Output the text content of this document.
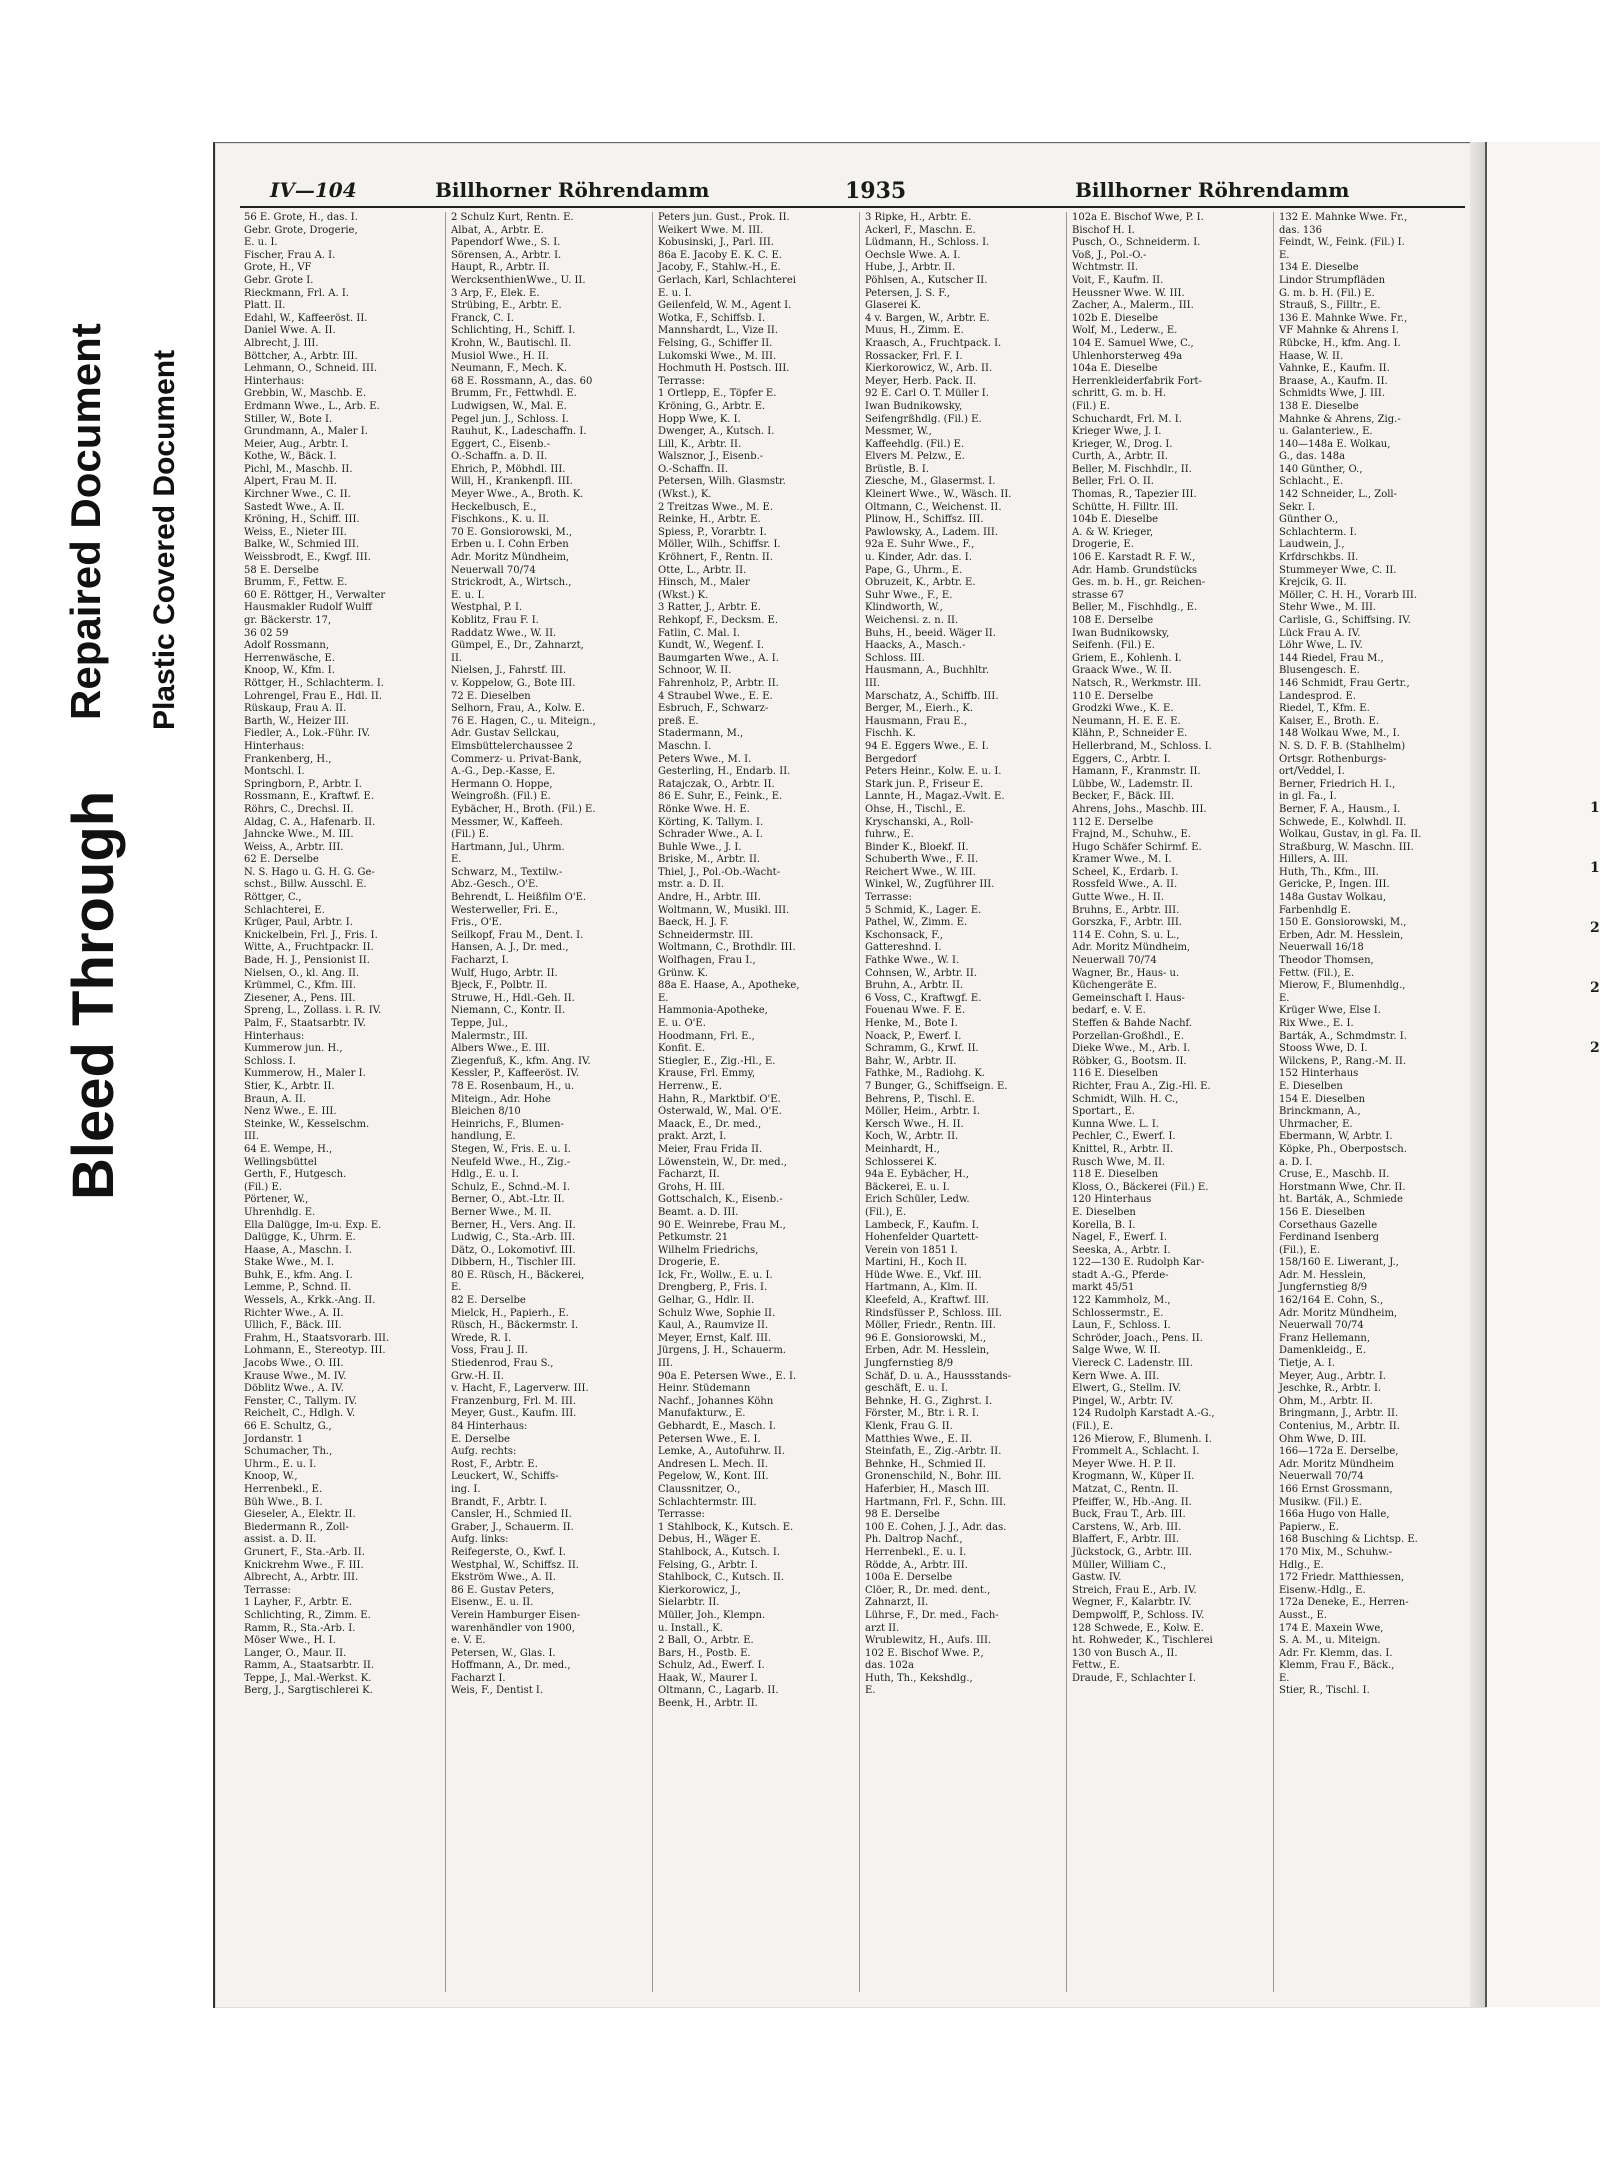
Bleed Through
Repaired Document Plastic Covered Document
1
1
2
2
2
IV—104	Billhorner Röhrendamm	1935	Billhorner Röhrendamm
56 E. Grote, H., das. I.
Gebr. Grote, Drogerie,
E. u. I.
Fischer, Frau A. I.
Grote, H., VF
Gebr. Grote I.
Rieckmann, Frl. A. I.
Platt. II.
Edahl, W., Kaffeeröst. II.
Daniel Wwe. A. II.
Albrecht, J. III.
Böttcher, A., Arbtr. III.
Lehmann, O., Schneid. III.
Hinterhaus:
Grebbin, W., Maschb. E.
Erdmann Wwe., L., Arb. E.
Stiller, W., Bote I.
Grundmann, A., Maler I.
Meier, Aug., Arbtr. I.
Kothe, W., Bäck. I.
Pichl, M., Maschb. II.
Alpert, Frau M. II.
Kirchner Wwe., C. II.
Sastedt Wwe., A. II.
Kröning, H., Schiff. III.
Weiss, E., Nieter III.
Balke, W., Schmied III.
Weissbrodt, E., Kwgf. III.
58 E. Derselbe
Brumm, F., Fettw. E.
60 E. Röttger, H., Verwalter
Hausmakler Rudolf Wulff
gr. Bäckerstr. 17,
36 02 59
Adolf Rossmann,
Herrenwäsche, E.
Knoop, W., Kfm. I.
Röttger, H., Schlachterm. I.
Lohrengel, Frau E., Hdl. II.
Rüskaup, Frau A. II.
Barth, W., Heizer III.
Fiedler, A., Lok.-Führ. IV.
Hinterhaus:
Frankenberg, H.,
Montschl. I.
Springborn, P., Arbtr. I.
Rossmann, E., Kraftwf. E.
Röhrs, C., Drechsl. II.
Aldag, C. A., Hafenarb. II.
Jahncke Wwe., M. III.
Weiss, A., Arbtr. III.
62 E. Derselbe
N. S. Hago u. G. H. G. Ge-
schst., Billw. Ausschl. E.
Röttger, C.,
Schlachterei, E.
Krüger, Paul, Arbtr. I.
Knickelbein, Frl. J., Fris. I.
Witte, A., Fruchtpackr. II.
Bade, H. J., Pensionist II.
Nielsen, O., kl. Ang. II.
Krümmel, C., Kfm. III.
Ziesener, A., Pens. III.
Spreng, L., Zollass. i. R. IV.
Palm, F., Staatsarbtr. IV.
Hinterhaus:
Kummerow jun. H.,
Schloss. I.
Kummerow, H., Maler I.
Stier, K., Arbtr. II.
Braun, A. II.
Nenz Wwe., E. III.
Steinke, W., Kesselschm.
III.
64 E. Wempe, H.,
Wellingsbüttel
Gerth, F., Hutgesch.
(Fil.) E.
Pörtener, W.,
Uhrenhdlg. E.
Ella Dalügge, Im-u. Exp. E.
Dalügge, K., Uhrm. E.
Haase, A., Maschn. I.
Stake Wwe., M. I.
Buhk, E., kfm. Ang. I.
Lemme, P., Schnd. II.
Wessels, A., Krkk.-Ang. II.
Richter Wwe., A. II.
Ullich, F., Bäck. III.
Frahm, H., Staatsvorarb. III.
Lohmann, E., Stereotyp. III.
Jacobs Wwe., O. III.
Krause Wwe., M. IV.
Döblitz Wwe., A. IV.
Fenster, C., Tallym. IV.
Reichelt, C., Hdlgh. V.
66 E. Schultz, G.,
Jordanstr. 1
Schumacher, Th.,
Uhrm., E. u. I.
Knoop, W.,
Herrenbekl., E.
Büh Wwe., B. I.
Gieseler, A., Elektr. II.
Biedermann R., Zoll-
assist. a. D. II.
Grunert, F., Sta.-Arb. II.
Knickrehm Wwe., F. III.
Albrecht, A., Arbtr. III.
Terrasse:
1 Layher, F., Arbtr. E.
Schlichting, R., Zimm. E.
Ramm, R., Sta.-Arb. I.
Möser Wwe., H. I.
Langer, O., Maur. II.
Ramm, A., Staatsarbtr. II.
Teppe, J., Mal.-Werkst. K.
Berg, J., Sargtischlerei K.
2 Schulz Kurt, Rentn. E.
Albat, A., Arbtr. E.
Papendorf Wwe., S. I.
Sörensen, A., Arbtr. I.
Haupt, R., Arbtr. II.
WercksenthienWwe., U. II.
3 Arp, F., Elek. E.
Strübing, E., Arbtr. E.
Franck, C. I.
Schlichting, H., Schiff. I.
Krohn, W., Bautischl. II.
Musiol Wwe., H. II.
Neumann, F., Mech. K.
68 E. Rossmann, A., das. 60
Brumm, Fr., Fettwhdl. E.
Ludwigsen, W., Mal. E.
Pegel jun. J., Schloss. I.
Rauhut, K., Ladeschaffn. I.
Eggert, C., Eisenb.-
O.-Schaffn. a. D. II.
Ehrich, P., Möbhdl. III.
Will, H., Krankenpfl. III.
Meyer Wwe., A., Broth. K.
Heckelbusch, E.,
Fischkons., K. u. II.
70 E. Gonsiorowski, M.,
Erben u. I. Cohn Erben
Adr. Moritz Mündheim,
Neuerwall 70/74
Strickrodt, A., Wirtsch.,
E. u. I.
Westphal, P. I.
Koblitz, Frau F. I.
Raddatz Wwe., W. II.
Gümpel, E., Dr., Zahnarzt,
II.
Nielsen, J., Fahrstf. III.
v. Koppelow, G., Bote III.
72 E. Dieselben
Selhorn, Frau, A., Kolw. E.
76 E. Hagen, C., u. Miteign.,
Adr. Gustav Sellckau,
Elmsbüttelerchaussee 2
Commerz- u. Privat-Bank,
A.-G., Dep.-Kasse, E.
Hermann O. Hoppe,
Weingroßh. (Fil.) E.
Eybächer, H., Broth. (Fil.) E.
Messmer, W., Kaffeeh.
(Fil.) E.
Hartmann, Jul., Uhrm.
E.
Schwarz, M., Textilw.-
Abz.-Gesch., O'E.
Behrendt, L. Heißfilm O'E.
Westerweller, Fri. E.,
Fris., O'E.
Seilkopf, Frau M., Dent. I.
Hansen, A. J., Dr. med.,
Facharzt, I.
Wulf, Hugo, Arbtr. II.
Bjeck, F., Polbtr. II.
Struwe, H., Hdl.-Geh. II.
Niemann, C., Kontr. II.
Teppe, Jul.,
Malermstr., III.
Albers Wwe., E. III.
Ziegenfuß, K., kfm. Ang. IV.
Kessler, P., Kaffeeröst. IV.
78 E. Rosenbaum, H., u.
Miteign., Adr. Hohe
Bleichen 8/10
Heinrichs, F., Blumen-
handlung, E.
Stegen, W., Fris. E. u. I.
Neufeld Wwe., H., Zig.-
Hdlg., E. u. I.
Schulz, E., Schnd.-M. I.
Berner, O., Abt.-Ltr. II.
Berner Wwe., M. II.
Berner, H., Vers. Ang. II.
Ludwig, C., Sta.-Arb. III.
Dätz, O., Lokomotivf. III.
Dibbern, H., Tischler III.
80 E. Rüsch, H., Bäckerei,
E.
82 E. Derselbe
Mielck, H., Papierh., E.
Rüsch, H., Bäckermstr. I.
Wrede, R. I.
Voss, Frau J. II.
Stiedenrod, Frau S.,
Grw.-H. II.
v. Hacht, F., Lagerverw. III.
Franzenburg, Frl. M. III.
Meyer, Gust., Kaufm. III.
84 Hinterhaus:
E. Derselbe
Aufg. rechts:
Rost, F., Arbtr. E.
Leuckert, W., Schiffs-
ing. I.
Brandt, F., Arbtr. I.
Cansler, H., Schmied II.
Graber, J., Schauerm. II.
Aufg. links:
Reifegerste, O., Kwf. I.
Westphal, W., Schiffsz. II.
Ekström Wwe., A. II.
86 E. Gustav Peters,
Eisenw., E. u. II.
Verein Hamburger Eisen-
warenhändler von 1900,
e. V. E.
Petersen, W., Glas. I.
Hoffmann, A., Dr. med.,
Facharzt I.
Weis, F., Dentist I.
Peters jun. Gust., Prok. II.
Weikert Wwe. M. III.
Kobusinski, J., Parl. III.
86a E. Jacoby E. K. C. E.
Jacoby, F., Stahlw.-H., E.
Gerlach, Karl, Schlachterei
E. u. I.
Geilenfeld, W. M., Agent I.
Wotka, F., Schiffsb. I.
Mannshardt, L., Vize II.
Felsing, G., Schiffer II.
Lukomski Wwe., M. III.
Hochmuth H. Postsch. III.
Terrasse:
1 Ortlepp, E., Töpfer E.
Kröning, G., Arbtr. E.
Hopp Wwe, K. I.
Dwenger, A., Kutsch. I.
Lill, K., Arbtr. II.
Walsznor, J., Eisenb.-
O.-Schaffn. II.
Petersen, Wilh. Glasmstr.
(Wkst.), K.
2 Treitzas Wwe., M. E.
Reinke, H., Arbtr. E.
Spiess, P., Vorarbtr. I.
Möller, Wilh., Schiffsr. I.
Kröhnert, F., Rentn. II.
Otte, L., Arbtr. II.
Hinsch, M., Maler
(Wkst.) K.
3 Ratter, J., Arbtr. E.
Rehkopf, F., Decksm. E.
Fatlin, C. Mal. I.
Kundt, W., Wegenf. I.
Baumgarten Wwe., A. I.
Schnoor, W. II.
Fahrenholz, P., Arbtr. II.
4 Straubel Wwe., E. E.
Esbruch, F., Schwarz-
preß. E.
Stadermann, M.,
Maschn. I.
Peters Wwe., M. I.
Gesterling, H., Endarb. II.
Ratajczak, O., Arbtr. II.
86 E. Suhr, E., Feink., E.
Rönke Wwe. H. E.
Körting, K. Tallym. I.
Schrader Wwe., A. I.
Buhle Wwe., J. I.
Briske, M., Arbtr. II.
Thiel, J., Pol.-Ob.-Wacht-
mstr. a. D. II.
Andre, H., Arbtr. III.
Woltmann, W., Musikl. III.
Baeck, H. J. F.
Schneidermstr. III.
Woltmann, C., Brothdlr. III.
Wolfhagen, Frau I.,
Grünw. K.
88a E. Haase, A., Apotheke,
E.
Hammonia-Apotheke,
E. u. O'E.
Hoodmann, Frl. E.,
Konfit. E.
Stiegler, E., Zig.-Hl., E.
Krause, Frl. Emmy,
Herrenw., E.
Hahn, R., Marktbif. O'E.
Osterwald, W., Mal. O'E.
Maack, E., Dr. med.,
prakt. Arzt, I.
Meier, Frau Frida II.
Löwenstein, W., Dr. med.,
Facharzt, II.
Grohs, H. III.
Gottschalch, K., Eisenb.-
Beamt. a. D. III.
90 E. Weinrebe, Frau M.,
Petkumstr. 21
Wilhelm Friedrichs,
Drogerie, E.
Ick, Fr., Wollw., E. u. I.
Drengberg, P., Fris. I.
Gelhar, G., Hdlr. II.
Schulz Wwe, Sophie II.
Kaul, A., Raumvize II.
Meyer, Ernst, Kalf. III.
Jürgens, J. H., Schauerm.
III.
90a E. Petersen Wwe., E. I.
Heinr. Stüdemann
Nachf., Johannes Köhn
Manufakturw., E.
Gebhardt, E., Masch. I.
Petersen Wwe., E. I.
Lemke, A., Autofuhrw. II.
Andresen L. Mech. II.
Pegelow, W., Kont. III.
Claussnitzer, O.,
Schlachtermstr. III.
Terrasse:
1 Stahlbock, K., Kutsch. E.
Debus, H., Wäger E.
Stahlbock, A., Kutsch. I.
Felsing, G., Arbtr. I.
Stahlbock, C., Kutsch. II.
Kierkorowicz, J.,
Sielarbtr. II.
Müller, Joh., Klempn.
u. Install., K.
2 Ball, O., Arbtr. E.
Bars, H., Postb. E.
Schulz, Ad., Ewerf. I.
Haak, W., Maurer I.
Oltmann, C., Lagarb. II.
Beenk, H., Arbtr. II.
3 Ripke, H., Arbtr. E.
Ackerl, F., Maschn. E.
Lüdmann, H., Schloss. I.
Oechsle Wwe. A. I.
Hube, J., Arbtr. II.
Pöhlsen, A., Kutscher II.
Petersen, J. S. F.,
Glaserei K.
4 v. Bargen, W., Arbtr. E.
Muus, H., Zimm. E.
Kraasch, A., Fruchtpack. I.
Rossacker, Frl. F. I.
Kierkorowicz, W., Arb. II.
Meyer, Herb. Pack. II.
92 E. Carl O. T. Müller I.
Iwan Budnikowsky,
Seifengrßhdlg. (Fil.) E.
Messmer, W.,
Kaffeehdlg. (Fil.) E.
Elvers M. Pelzw., E.
Brüstle, B. I.
Ziesche, M., Glasermst. I.
Kleinert Wwe., W., Wäsch. II.
Oltmann, C., Weichenst. II.
Plinow, H., Schiffsz. III.
Pawlowsky, A., Ladem. III.
92a E. Suhr Wwe., F.,
u. Kinder, Adr. das. I.
Pape, G., Uhrm., E.
Obruzeit, K., Arbtr. E.
Suhr Wwe., F., E.
Klindworth, W.,
Weichensi. z. n. II.
Buhs, H., beeid. Wäger II.
Haacks, A., Masch.-
Schloss. III.
Hausmann, A., Buchhltr.
III.
Marschatz, A., Schiffb. III.
Berger, M., Eierh., K.
Hausmann, Frau E.,
Fischh. K.
94 E. Eggers Wwe., E. I.
Bergedorf
Peters Heinr., Kolw. E. u. I.
Stark jun. P., Friseur E.
Lannte, H., Magaz.-Vwlt. E.
Ohse, H., Tischl., E.
Kryschanski, A., Roll-
fuhrw., E.
Binder K., Bloekf. II.
Schuberth Wwe., F. II.
Reichert Wwe., W. III.
Winkel, W., Zugführer III.
Terrasse:
5 Schmid, K., Lager. E.
Pathel, W., Zimm. E.
Kschonsack, F.,
Gattereshnd. I.
Fathke Wwe., W. I.
Cohnsen, W., Arbtr. II.
Bruhn, A., Arbtr. II.
6 Voss, C., Kraftwgf. E.
Fouenau Wwe. F. E.
Henke, M., Bote I.
Noack, P., Ewerf. I.
Schramm, G., Krwf. II.
Bahr, W., Arbtr. II.
Fathke, M., Radiohg. K.
7 Bunger, G., Schiffseign. E.
Behrens, P., Tischl. E.
Möller, Heim., Arbtr. I.
Kersch Wwe., H. II.
Koch, W., Arbtr. II.
Meinhardt, H.,
Schlosserei K.
94a E. Eybächer, H.,
Bäckerei, E. u. I.
Erich Schüler, Ledw.
(Fil.), E.
Lambeck, F., Kaufm. I.
Hohenfelder Quartett-
Verein von 1851 I.
Martini, H., Koch II.
Hüde Wwe. E., Vkf. III.
Hartmann, A., Klm. II.
Kleefeld, A., Kraftwf. III.
Rindsfüsser P., Schloss. III.
Möller, Friedr., Rentn. III.
96 E. Gonsiorowski, M.,
Erben, Adr. M. Hesslein,
Jungfernstieg 8/9
Schäf, D. u. A., Haussstands-
geschäft, E. u. I.
Behnke, H. G., Zighrst. I.
Förster, M., Btr. i. R. I.
Klenk, Frau G. II.
Matthies Wwe., E. II.
Steinfath, E., Zig.-Arbtr. II.
Behnke, H., Schmied II.
Gronenschild, N., Bohr. III.
Haferbier, H., Masch III.
Hartmann, Frl. F., Schn. III.
98 E. Derselbe
100 E. Cohen, J. J., Adr. das.
Ph. Daltrop Nachf.,
Herrenbekl., E. u. I.
Rödde, A., Arbtr. III.
100a E. Derselbe
Clöer, R., Dr. med. dent.,
Zahnarzt, II.
Lührse, F., Dr. med., Fach-
arzt II.
Wrublewitz, H., Aufs. III.
102 E. Bischof Wwe. P.,
das. 102a
Huth, Th., Kekshdlg.,
E.
102a E. Bischof Wwe, P. I.
Bischof H. I.
Pusch, O., Schneiderm. I.
Voß, J., Pol.-O.-
Wchtmstr. II.
Voit, F., Kaufm. II.
Heussner Wwe. W. III.
Zacher, A., Malerm., III.
102b E. Dieselbe
Wolf, M., Lederw., E.
104 E. Samuel Wwe, C.,
Uhlenhorsterweg 49a
104a E. Dieselbe
Herrenkleiderfabrik Fort-
schritt, G. m. b. H.
(Fil.) E.
Schuchardt, Frl. M. I.
Krieger Wwe, J. I.
Krieger, W., Drog. I.
Curth, A., Arbtr. II.
Beller, M. Fischhdlr., II.
Beller, Frl. O. II.
Thomas, R., Tapezier III.
Schütte, H. Filltr. III.
104b E. Dieselbe
A. & W. Krieger,
Drogerie, E.
106 E. Karstadt R. F. W.,
Adr. Hamb. Grundstücks
Ges. m. b. H., gr. Reichen-
strasse 67
Beller, M., Fischhdlg., E.
108 E. Derselbe
Iwan Budnikowsky,
Seifenh. (Fil.) E.
Griem, E., Kohlenh. I.
Graack Wwe., W. II.
Natsch, R., Werkmstr. III.
110 E. Derselbe
Grodzki Wwe., K. E.
Neumann, H. E. E. E.
Klähn, P., Schneider E.
Hellerbrand, M., Schloss. I.
Eggers, C., Arbtr. I.
Hamann, F., Kranmstr. II.
Lübbe, W., Lademstr. II.
Becker, F., Bäck. III.
Ahrens, Johs., Maschb. III.
112 E. Derselbe
Frajnd, M., Schuhw., E.
Hugo Schäfer Schirmf. E.
Kramer Wwe., M. I.
Scheel, K., Erdarb. I.
Rossfeld Wwe., A. II.
Gutte Wwe., H. II.
Bruhns, E., Arbtr. III.
Gorszka, F., Arbtr. III.
114 E. Cohn, S. u. L.,
Adr. Moritz Mündheim,
Neuerwall 70/74
Wagner, Br., Haus- u.
Küchengeräte E.
Gemeinschaft I. Haus-
bedarf, e. V. E.
Steffen & Bahde Nachf.
Porzellan-Großhdl., E.
Dieke Wwe., M., Arb. I.
Röbker, G., Bootsm. II.
116 E. Dieselben
Richter, Frau A., Zig.-Hl. E.
Schmidt, Wilh. H. C.,
Sportart., E.
Kunna Wwe. L. I.
Pechler, C., Ewerf. I.
Knittel, R., Arbtr. II.
Rusch Wwe, M. II.
118 E. Dieselben
Kloss, O., Bäckerei (Fil.) E.
120 Hinterhaus
E. Dieselben
Korella, B. I.
Nagel, F., Ewerf. I.
Seeska, A., Arbtr. I.
122—130 E. Rudolph Kar-
stadt A.-G., Pferde-
markt 45/51
122 Kammholz, M.,
Schlossermstr., E.
Laun, F., Schloss. I.
Schröder, Joach., Pens. II.
Salge Wwe, W. II.
Viereck C. Ladenstr. III.
Kern Wwe. A. III.
Elwert, G., Stellm. IV.
Pingel, W., Arbtr. IV.
124 Rudolph Karstadt A.-G.,
(Fil.), E.
126 Mierow, F., Blumenh. I.
Frommelt A., Schlacht. I.
Meyer Wwe. H. P. II.
Krogmann, W., Küper II.
Matzat, C., Rentn. II.
Pfeiffer, W., Hb.-Ang. II.
Buck, Frau T., Arb. III.
Carstens, W., Arb. III.
Blaffert, F., Arbtr. III.
Jückstock, G., Arbtr. III.
Müller, William C.,
Gastw. IV.
Streich, Frau E., Arb. IV.
Wegner, F., Kalarbtr. IV.
Dempwolff, P., Schloss. IV.
128 Schwede, E., Kolw. E.
ht. Rohweder, K., Tischlerei
130 von Busch A., II.
Fettw., E.
Draude, F., Schlachter I.
132 E. Mahnke Wwe. Fr.,
das. 136
Feindt, W., Feink. (Fil.) I.
E.
134 E. Dieselbe
Lindor Strumpfläden
G. m. b. H. (Fil.) E.
Strauß, S., Filltr., E.
136 E. Mahnke Wwe. Fr.,
VF Mahnke & Ahrens I.
Rübcke, H., kfm. Ang. I.
Haase, W. II.
Vahnke, E., Kaufm. II.
Braase, A., Kaufm. II.
Schmidts Wwe, J. III.
138 E. Dieselbe
Mahnke & Ahrens, Zig.-
u. Galanteriew., E.
140—148a E. Wolkau,
G., das. 148a
140 Günther, O.,
Schlacht., E.
142 Schneider, L., Zoll-
Sekr. I.
Günther O.,
Schlachterm. I.
Laudwein, J.,
Krfdrschkbs. II.
Stummeyer Wwe, C. II.
Krejcik, G. II.
Möller, C. H. H., Vorarb III.
Stehr Wwe., M. III.
Carlisle, G., Schiffsing. IV.
Lück Frau A. IV.
Löhr Wwe, L. IV.
144 Riedel, Frau M.,
Blusengesch. E.
146 Schmidt, Frau Gertr.,
Landesprod. E.
Riedel, T., Kfm. E.
Kaiser, E., Broth. E.
148 Wolkau Wwe, M., I.
N. S. D. F. B. (Stahlhelm)
Ortsgr. Rothenburgs-
ort/Veddel, I.
Berner, Friedrich H. I.,
in gl. Fa., I.
Berner, F. A., Hausm., I.
Schwede, E., Kolwhdl. II.
Wolkau, Gustav, in gl. Fa. II.
Straßburg, W. Maschn. III.
Hillers, A. III.
Huth, Th., Kfm., III.
Gericke, P., Ingen. III.
148a Gustav Wolkau,
Farbenhdlg E.
150 E. Gonsiorowski, M.,
Erben, Adr. M. Hesslein,
Neuerwall 16/18
Theodor Thomsen,
Fettw. (Fil.), E.
Mierow, F., Blumenhdlg.,
E.
Krüger Wwe, Else I.
Rix Wwe., E. I.
Barták, A., Schmdmstr. I.
Stooss Wwe, D. I.
Wilckens, P., Rang.-M. II.
152 Hinterhaus
E. Dieselben
154 E. Dieselben
Brinckmann, A.,
Uhrmacher, E.
Ebermann, W, Arbtr. I.
Köpke, Ph., Oberpostsch.
a. D. I.
Cruse, E., Maschb. II.
Horstmann Wwe, Chr. II.
ht. Barták, A., Schmiede
156 E. Dieselben
Corsethaus Gazelle
Ferdinand Isenberg
(Fil.), E.
158/160 E. Liwerant, J.,
Adr. M. Hesslein,
Jungfernstieg 8/9
162/164 E. Cohn, S.,
Adr. Moritz Mündheim,
Neuerwall 70/74
Franz Hellemann,
Damenkleidg., E.
Tietje, A. I.
Meyer, Aug., Arbtr. I.
Jeschke, R., Arbtr. I.
Ohm, M., Arbtr. II.
Bringmann, J., Arbtr. II.
Contenius, M., Arbtr. II.
Ohm Wwe, D. III.
166—172a E. Derselbe,
Adr. Moritz Mündheim
Neuerwall 70/74
166 Ernst Grossmann,
Musikw. (Fil.) E.
166a Hugo von Halle,
Papierw., E.
168 Busching & Lichtsp. E.
170 Mix, M., Schuhw.-
Hdlg., E.
172 Friedr. Matthiessen,
Eisenw.-Hdlg., E.
172a Deneke, E., Herren-
Ausst., E.
174 E. Maxein Wwe,
S. A. M., u. Miteign.
Adr. Fr. Klemm, das. I.
Klemm, Frau F., Bäck.,
E.
Stier, R., Tischl. I.
